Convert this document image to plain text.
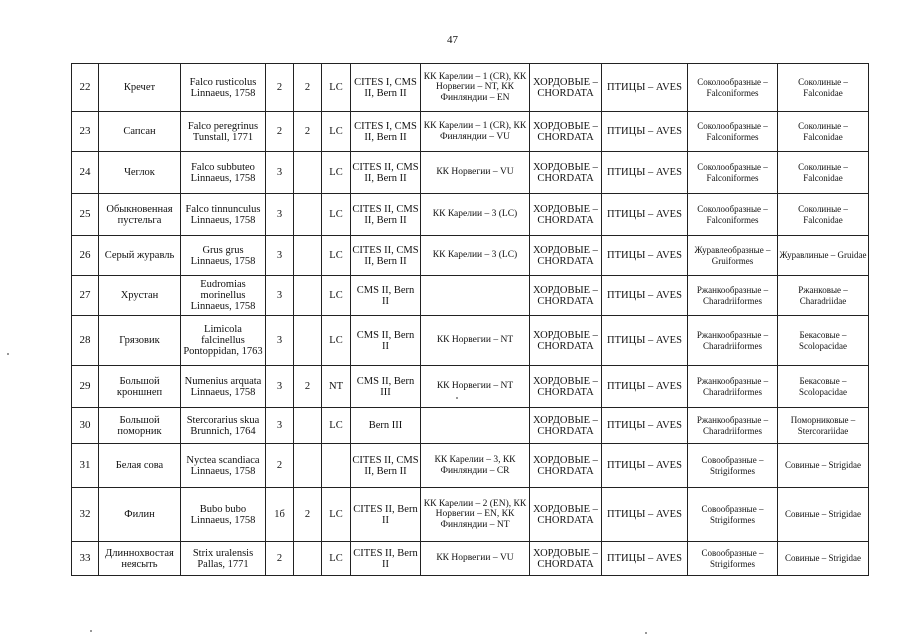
47
22	Кречет	Falco rusticolus Linnaeus, 1758	2	2	LC	CITES I, CMS II, Bern II	КК Карелии – 1 (CR), КК Норвегии – NT, КК Финляндии – EN	ХОРДОВЫЕ – CHORDATA	ПТИЦЫ – AVES	Соколообразные – Falconiformes	Соколиные – Falconidae
23	Сапсан	Falco peregrinus Tunstall, 1771	2	2	LC	CITES I, CMS II, Bern II	КК Карелии – 1 (CR), КК Финляндии – VU	ХОРДОВЫЕ – CHORDATA	ПТИЦЫ – AVES	Соколообразные – Falconiformes	Соколиные – Falconidae
24	Чеглок	Falco subbuteo Linnaeus, 1758	3		LC	CITES II, CMS II, Bern II	КК Норвегии – VU	ХОРДОВЫЕ – CHORDATA	ПТИЦЫ – AVES	Соколообразные – Falconiformes	Соколиные – Falconidae
25	Обыкновенная пустельга	Falco tinnunculus Linnaeus, 1758	3		LC	CITES II, CMS II, Bern II	КК Карелии – 3 (LC)	ХОРДОВЫЕ – CHORDATA	ПТИЦЫ – AVES	Соколообразные – Falconiformes	Соколиные – Falconidae
26	Серый журавль	Grus grus Linnaeus, 1758	3		LC	CITES II, CMS II, Bern II	КК Карелии – 3 (LC)	ХОРДОВЫЕ – CHORDATA	ПТИЦЫ – AVES	Журавлеобразные – Gruiformes	Журавлиные – Gruidae
27	Хрустан	Eudromias morinellus Linnaeus, 1758	3		LC	CMS II, Bern II		ХОРДОВЫЕ – CHORDATA	ПТИЦЫ – AVES	Ржанкообразные – Charadriiformes	Ржанковые – Charadriidae
28	Грязовик	Limicola falcinellus Pontoppidan, 1763	3		LC	CMS II, Bern II	КК Норвегии – NT	ХОРДОВЫЕ – CHORDATA	ПТИЦЫ – AVES	Ржанкообразные – Charadriiformes	Бекасовые – Scolopacidae
29	Большой кроншнеп	Numenius arquata Linnaeus, 1758	3	2	NT	CMS II, Bern III	КК Норвегии – NT	ХОРДОВЫЕ – CHORDATA	ПТИЦЫ – AVES	Ржанкообразные – Charadriiformes	Бекасовые – Scolopacidae
30	Большой поморник	Stercorarius skua Brunnich, 1764	3		LC	Bern III		ХОРДОВЫЕ – CHORDATA	ПТИЦЫ – AVES	Ржанкообразные – Charadriiformes	Поморниковые – Stercorariidae
31	Белая сова	Nyctea scandiaca Linnaeus, 1758	2			CITES II, CMS II, Bern II	КК Карелии – 3, КК Финляндии – CR	ХОРДОВЫЕ – CHORDATA	ПТИЦЫ – AVES	Совообразные – Strigiformes	Совиные – Strigidae
32	Филин	Bubo bubo Linnaeus, 1758	1б	2	LC	CITES II, Bern II	КК Карелии – 2 (EN), КК Норвегии – EN, КК Финляндии – NT	ХОРДОВЫЕ – CHORDATA	ПТИЦЫ – AVES	Совообразные – Strigiformes	Совиные – Strigidae
33	Длиннохвостая неясыть	Strix uralensis Pallas, 1771	2		LC	CITES II, Bern II	КК Норвегии – VU	ХОРДОВЫЕ – CHORDATA	ПТИЦЫ – AVES	Совообразные – Strigiformes	Совиные – Strigidae
